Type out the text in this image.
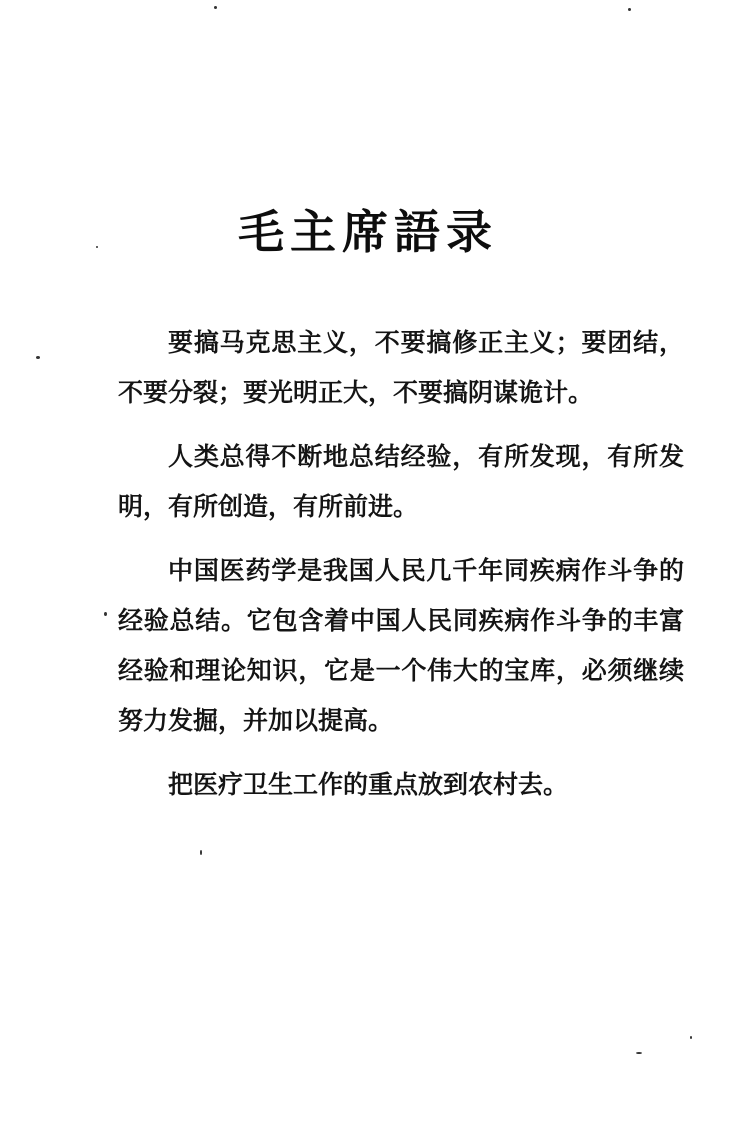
毛主席語录

要搞马克思主义，不要搞修正主义；要团结，不要分裂；要光明正大，不要搞阴谋诡计。

人类总得不断地总结经验，有所发现，有所发明，有所创造，有所前进。

中国医药学是我国人民几千年同疾病作斗争的经验总结。它包含着中国人民同疾病作斗争的丰富经验和理论知识，它是一个伟大的宝库，必须继续努力发掘，并加以提高。

把医疗卫生工作的重点放到农村去。
